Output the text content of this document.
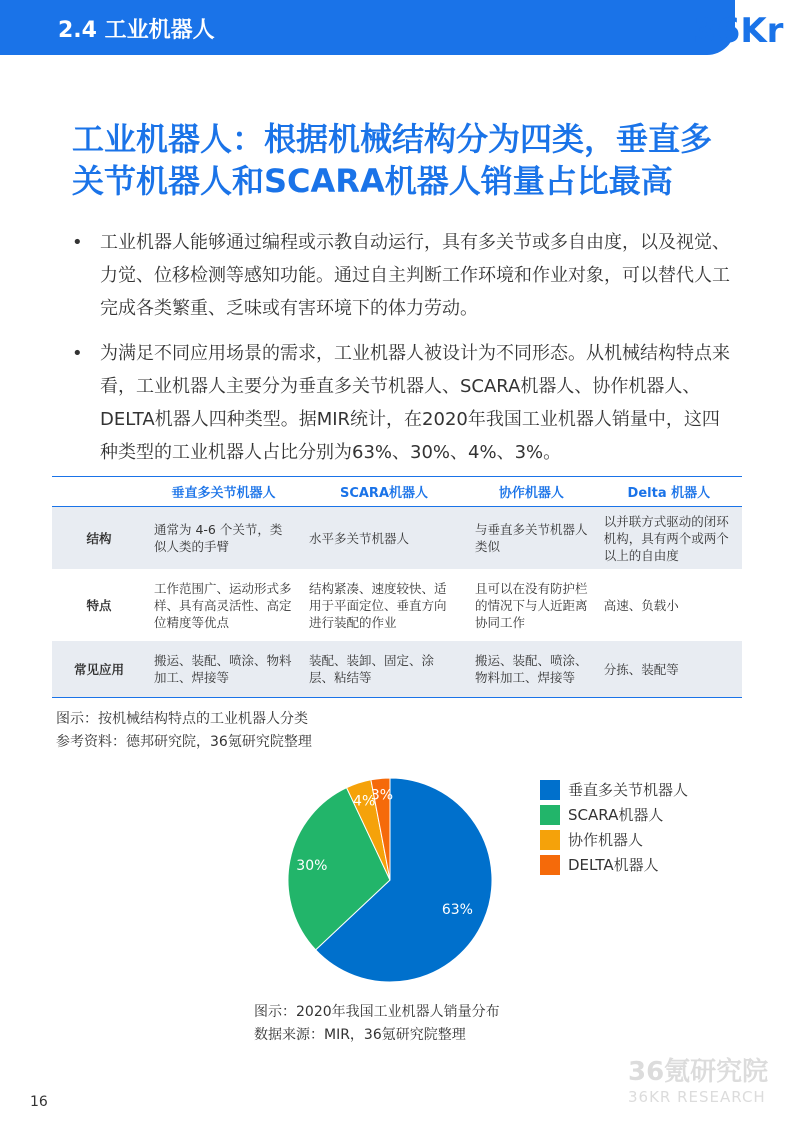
2.4 工业机器人	36Kr
工业机器人：根据机械结构分为四类，垂直多
关节机器人和SCARA机器人销量占比最高
• 工业机器人能够通过编程或示教自动运行，具有多关节或多自由度，以及视觉、力觉、位移检测等感知功能。通过自主判断工作环境和作业对象，可以替代人工完成各类繁重、乏味或有害环境下的体力劳动。
• 为满足不同应用场景的需求，工业机器人被设计为不同形态。从机械结构特点来看，工业机器人主要分为垂直多关节机器人、SCARA机器人、协作机器人、DELTA机器人四种类型。据MIR统计，在2020年我国工业机器人销量中，这四种类型的工业机器人占比分别为63%、30%、4%、3%。
	垂直多关节机器人	SCARA机器人	协作机器人	Delta 机器人
结构	通常为 4-6 个关节，类似人类的手臂	水平多关节机器人	与垂直多关节机器人类似	以并联方式驱动的闭环机构，具有两个或两个以上的自由度
特点	工作范围广、运动形式多样、具有高灵活性、高定位精度等优点	结构紧凑、速度较快、适用于平面定位、垂直方向进行装配的作业	且可以在没有防护栏的情况下与人近距离协同工作	高速、负载小
常见应用	搬运、装配、喷涂、物料加工、焊接等	装配、装卸、固定、涂层、粘结等	搬运、装配、喷涂、物料加工、焊接等	分拣、装配等
图示：按机械结构特点的工业机器人分类
参考资料：德邦研究院，36氪研究院整理
63%
30%
4%
3%	垂直多关节机器人
SCARA机器人
协作机器人
DELTA机器人
图示：2020年我国工业机器人销量分布
数据来源：MIR，36氪研究院整理
16
36氪研究院
36KR RESEARCH
